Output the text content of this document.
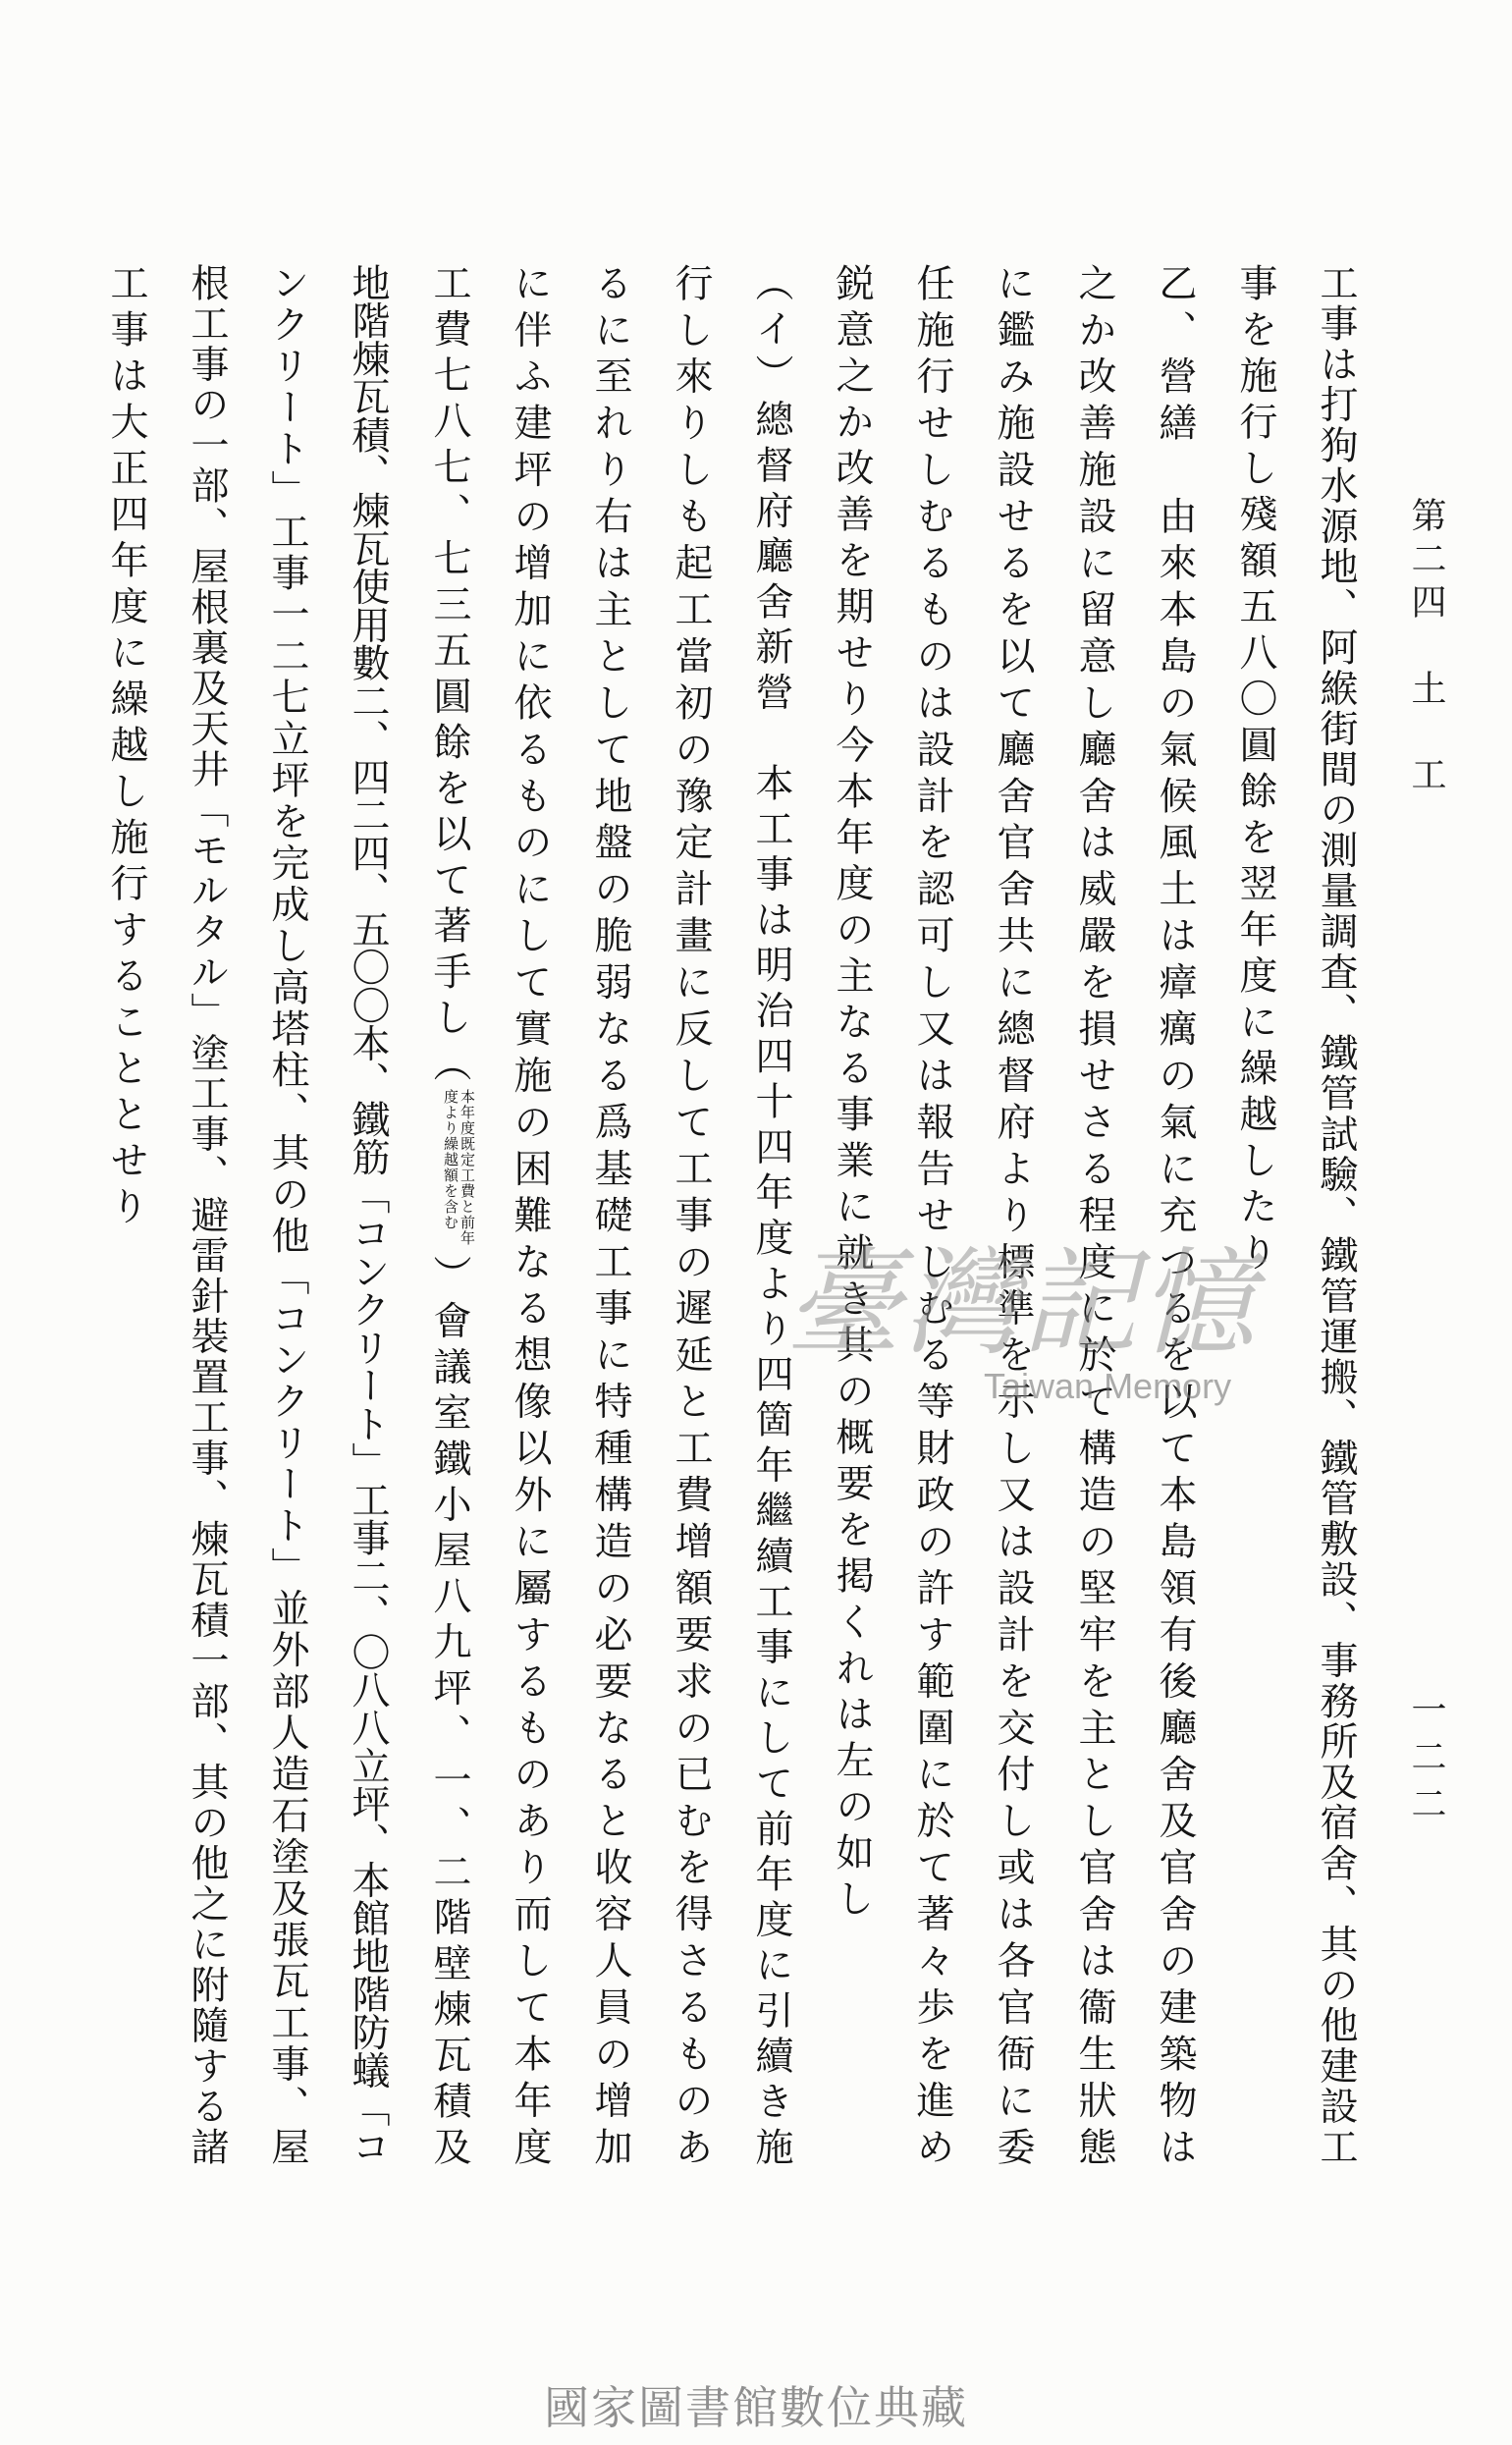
第二四　土　工
一二二
工事は打狗水源地、阿緱街間の測量調査、鐵管試驗、鐵管運搬、鐵管敷設、事務所及宿舍、其の他建設工
事を施行し殘額五八〇圓餘を翌年度に繰越したり
乙、營繕　由來本島の氣候風土は瘴癘の氣に充つるを以て本島領有後廳舍及官舍の建築物は
之か改善施設に留意し廳舍は威嚴を損せさる程度に於て構造の堅牢を主とし官舍は衞生狀態
に鑑み施設せるを以て廳舍官舍共に總督府より標準を示し又は設計を交付し或は各官衙に委
任施行せしむるものは設計を認可し又は報告せしむる等財政の許す範圍に於て著々歩を進め
鋭意之か改善を期せり今本年度の主なる事業に就き其の概要を掲くれは左の如し
（イ）總督府廳舍新營　本工事は明治四十四年度より四箇年繼續工事にして前年度に引續き施
行し來りしも起工當初の豫定計畫に反して工事の遲延と工費增額要求の已むを得さるものあ
るに至れり右は主として地盤の脆弱なる爲基礎工事に特種構造の必要なると收容人員の增加
に伴ふ建坪の增加に依るものにして實施の困難なる想像以外に屬するものあり而して本年度
工費七八七、七三五圓餘を以て著手し（
本年度既定工費と前年
度より繰越額を含む
）會議室鐵小屋八九坪、一、二階壁煉瓦積及
地階煉瓦積、煉瓦使用數二、四二四、五〇〇本、鐵筋「コンクリート」工事二、〇八八立坪、本館地階防蟻「コ
ンクリート」工事一二七立坪を完成し高塔柱、其の他「コンクリート」並外部人造石塗及張瓦工事、屋
根工事の一部、屋根裏及天井「モルタル」塗工事、避雷針裝置工事、煉瓦積一部、其の他之に附隨する諸
工事は大正四年度に繰越し施行することとせり
臺灣記憶
Taiwan Memory
國家圖書館數位典藏
